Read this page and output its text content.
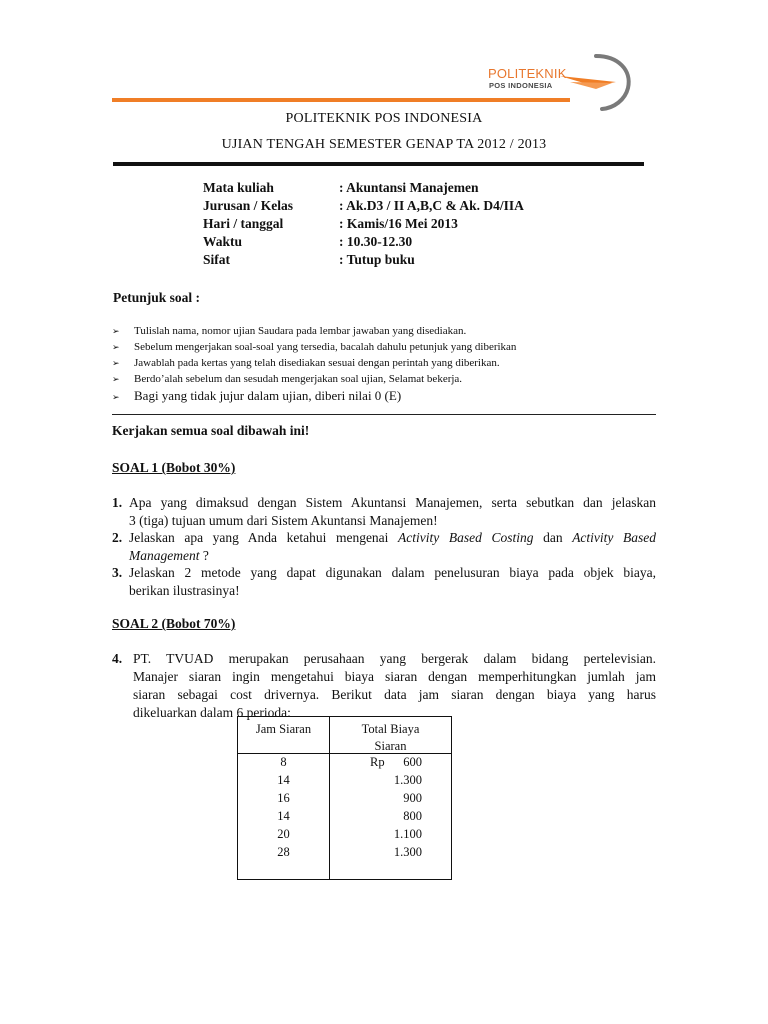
POLITEKNIK
POS INDONESIA
POLITEKNIK POS INDONESIA
UJIAN TENGAH SEMESTER GENAP TA 2012 / 2013
Mata kuliah	: Akuntansi Manajemen
Jurusan / Kelas	: Ak.D3 / II A,B,C & Ak. D4/IIA
Hari / tanggal	: Kamis/16 Mei 2013
Waktu	: 10.30-12.30
Sifat	: Tutup buku
Petunjuk soal :
➢	Tulislah nama, nomor ujian Saudara pada lembar jawaban yang disediakan.
➢	Sebelum mengerjakan soal-soal yang tersedia, bacalah dahulu petunjuk yang diberikan
➢	Jawablah pada kertas yang telah disediakan sesuai dengan perintah yang diberikan.
➢	Berdo’alah sebelum dan sesudah mengerjakan soal ujian, Selamat bekerja.
➢	Bagi yang tidak jujur dalam ujian, diberi nilai 0 (E)
Kerjakan semua soal dibawah ini!
SOAL 1 (Bobot 30%)
1. Apa yang dimaksud dengan Sistem Akuntansi Manajemen, serta sebutkan dan jelaskan
3 (tiga) tujuan umum dari Sistem Akuntansi Manajemen!
2. Jelaskan apa yang Anda ketahui mengenai Activity Based Costing dan Activity Based
Management ?
3. Jelaskan 2 metode yang dapat digunakan dalam penelusuran biaya pada objek biaya,
berikan ilustrasinya!
SOAL 2 (Bobot 70%)
4. PT. TVUAD merupakan perusahaan yang bergerak dalam bidang pertelevisian.
Manajer siaran ingin mengetahui biaya siaran dengan memperhitungkan jumlah jam
siaran sebagai cost drivernya. Berikut data jam siaran dengan biaya yang harus
dikeluarkan dalam 6 perioda:
Jam Siaran	Total Biaya
Siaran
8	Rp	600
14	1.300
16	900
14	800
20	1.100
28	1.300
